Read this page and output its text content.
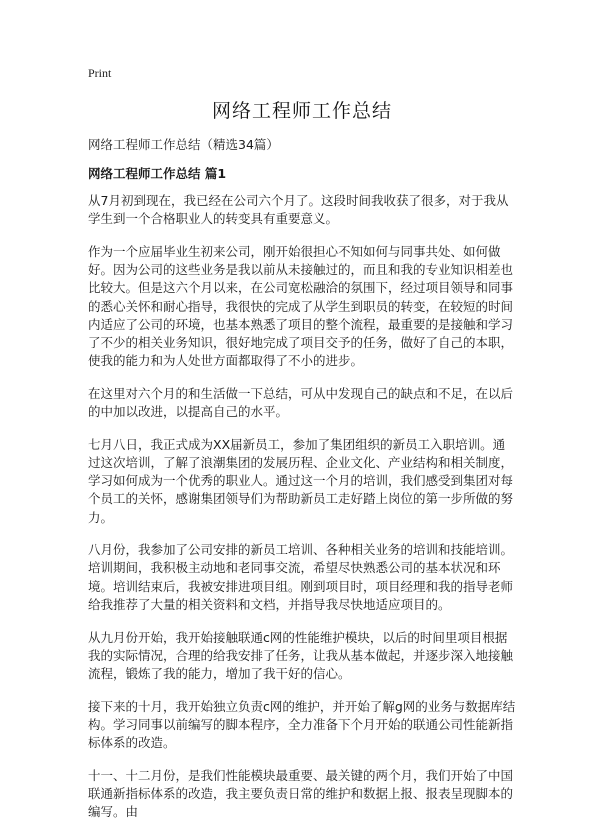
Print
网络工程师工作总结
网络工程师工作总结（精选34篇）
网络工程师工作总结 篇1

从7月初到现在，我已经在公司六个月了。这段时间我收获了很多，对于我从学生到一个合格职业人的转变具有重要意义。

作为一个应届毕业生初来公司，刚开始很担心不知如何与同事共处、如何做好。因为公司的这些业务是我以前从未接触过的，而且和我的专业知识相差也比较大。但是这六个月以来，在公司宽松融洽的氛围下，经过项目领导和同事的悉心关怀和耐心指导，我很快的完成了从学生到职员的转变，在较短的时间内适应了公司的环境，也基本熟悉了项目的整个流程，最重要的是接触和学习了不少的相关业务知识，很好地完成了项目交予的任务，做好了自己的本职，使我的能力和为人处世方面都取得了不小的进步。

在这里对六个月的和生活做一下总结，可从中发现自己的缺点和不足，在以后的中加以改进，以提高自己的水平。

七月八日，我正式成为XX届新员工，参加了集团组织的新员工入职培训。通过这次培训，了解了浪潮集团的发展历程、企业文化、产业结构和相关制度，学习如何成为一个优秀的职业人。通过这一个月的培训，我们感受到集团对每个员工的关怀，感谢集团领导们为帮助新员工走好踏上岗位的第一步所做的努力。

八月份，我参加了公司安排的新员工培训、各种相关业务的培训和技能培训。培训期间，我积极主动地和老同事交流，希望尽快熟悉公司的基本状况和环境。培训结束后，我被安排进项目组。刚到项目时，项目经理和我的指导老师给我推荐了大量的相关资料和文档，并指导我尽快地适应项目的。

从九月份开始，我开始接触联通c网的性能维护模块，以后的时间里项目根据我的实际情况，合理的给我安排了任务，让我从基本做起，并逐步深入地接触流程，锻炼了我的能力，增加了我干好的信心。

接下来的十月，我开始独立负责c网的维护，并开始了解g网的业务与数据库结构。学习同事以前编写的脚本程序，全力准备下个月开始的联通公司性能新指标体系的改造。

十一、十二月份，是我们性能模块最重要、最关键的两个月，我们开始了中国联通新指标体系的改造，我主要负责日常的维护和数据上报、报表呈现脚本的编写。由
